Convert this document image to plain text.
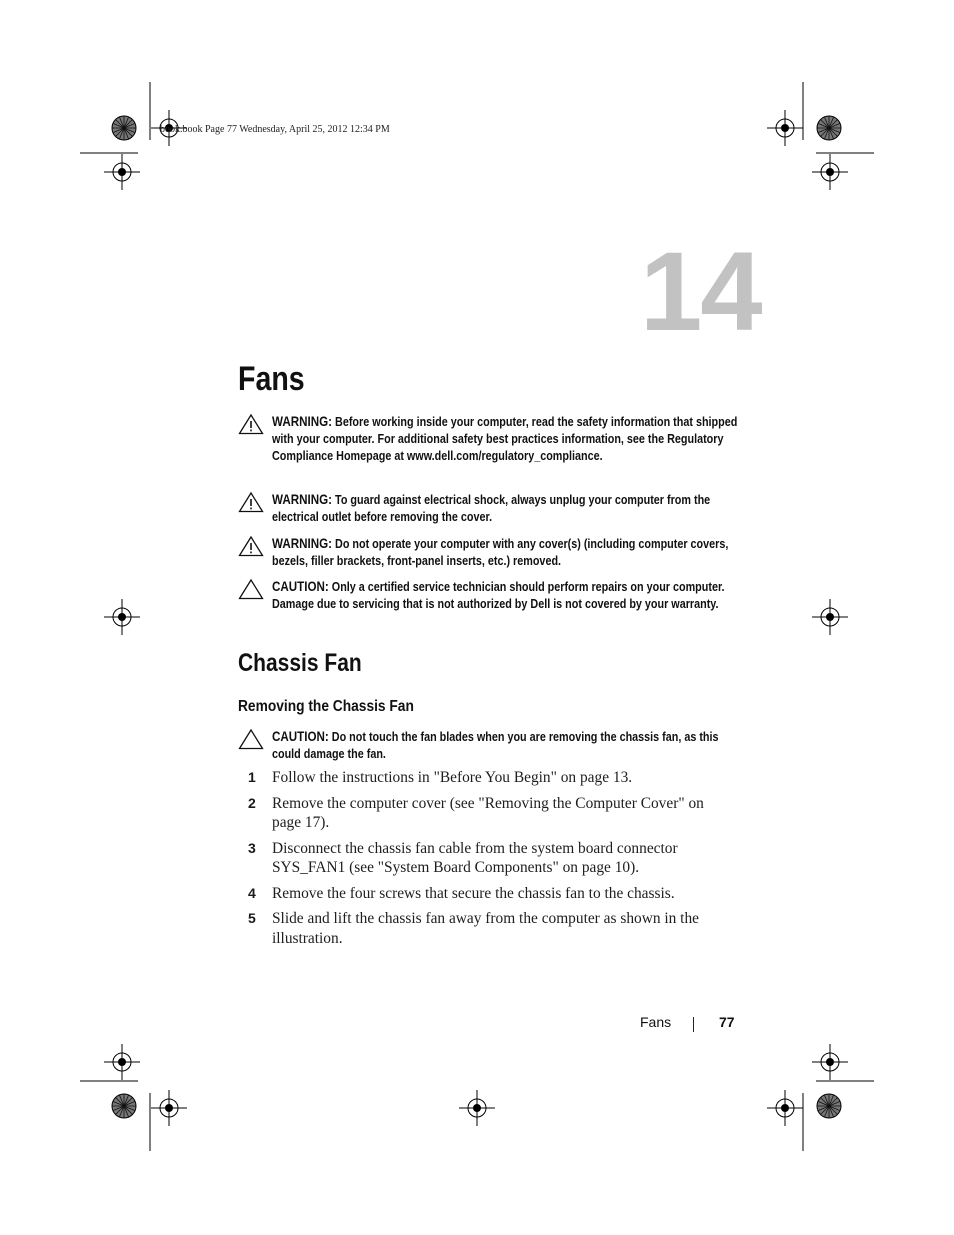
book.book Page 77 Wednesday, April 25, 2012 12:34 PM
14
Fans

WARNING: Before working inside your computer, read the safety information that shipped with your computer. For additional safety best practices information, see the Regulatory Compliance Homepage at www.dell.com/regulatory_compliance.

WARNING: To guard against electrical shock, always unplug your computer from the electrical outlet before removing the cover.

WARNING: Do not operate your computer with any cover(s) (including computer covers, bezels, filler brackets, front-panel inserts, etc.) removed.

CAUTION: Only a certified service technician should perform repairs on your computer. Damage due to servicing that is not authorized by Dell is not covered by your warranty.

Chassis Fan
Removing the Chassis Fan

CAUTION: Do not touch the fan blades when you are removing the chassis fan, as this could damage the fan.

1 Follow the instructions in "Before You Begin" on page 13.
2 Remove the computer cover (see "Removing the Computer Cover" on page 17).
3 Disconnect the chassis fan cable from the system board connector SYS_FAN1 (see "System Board Components" on page 10).
4 Remove the four screws that secure the chassis fan to the chassis.
5 Slide and lift the chassis fan away from the computer as shown in the illustration.
Fans	77
